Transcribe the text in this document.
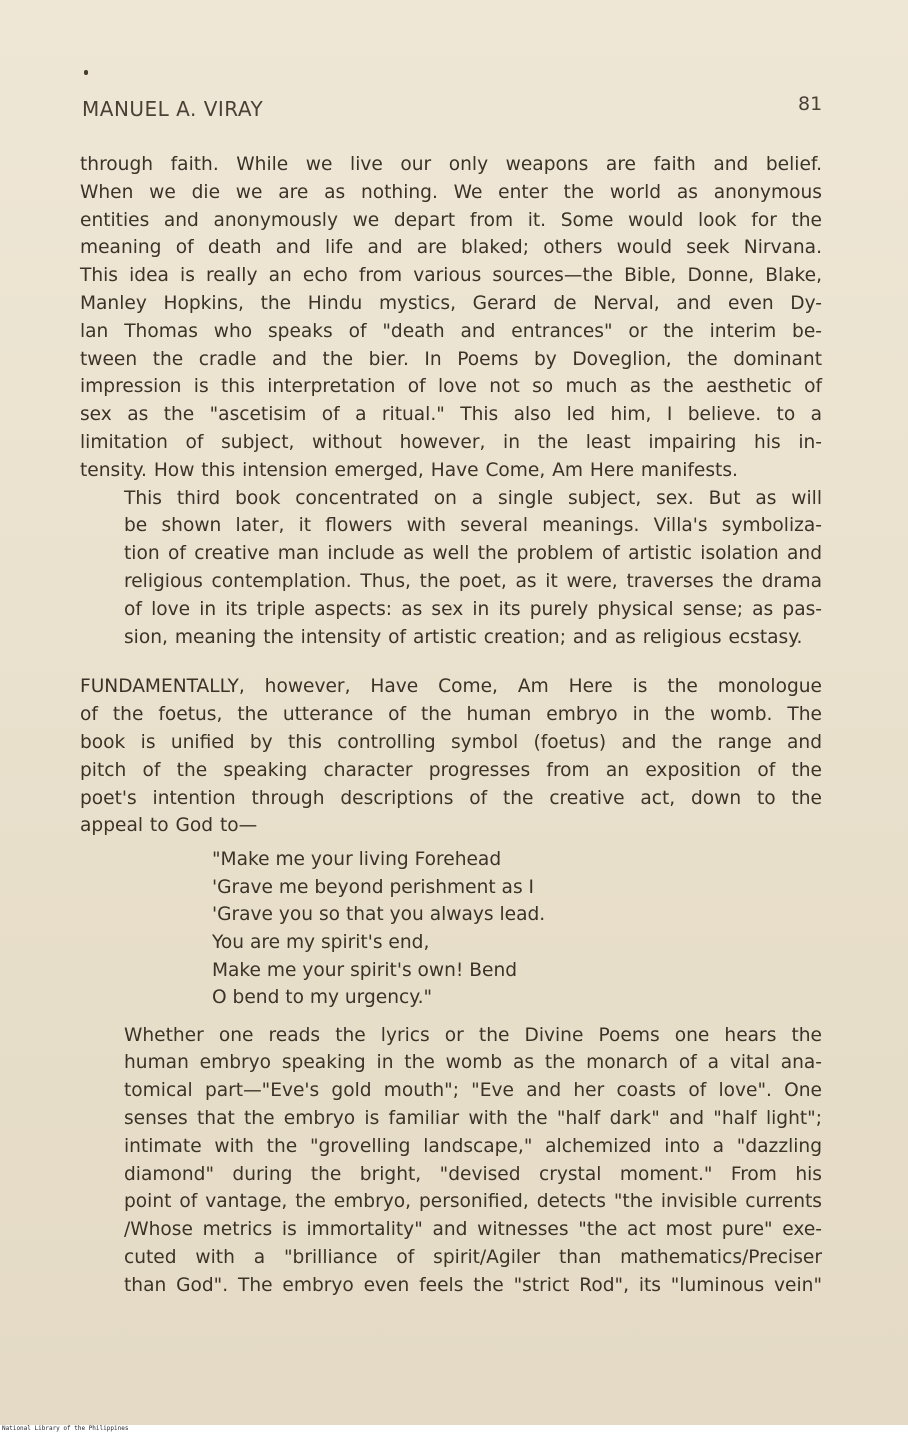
MANUEL A. VIRAY	81
through faith. While we live our only weapons are faith and belief.
When we die we are as nothing. We enter the world as anonymous
entities and anonymously we depart from it. Some would look for the
meaning of death and life and are blaked; others would seek Nirvana.
This idea is really an echo from various sources—the Bible, Donne, Blake,
Manley Hopkins, the Hindu mystics, Gerard de Nerval, and even Dy-
lan Thomas who speaks of "death and entrances" or the interim be-
tween the cradle and the bier. In Poems by Doveglion, the dominant
impression is this interpretation of love not so much as the aesthetic of
sex as the "ascetisim of a ritual." This also led him, I believe. to a
limitation of subject, without however, in the least impairing his in-
tensity. How this intension emerged, Have Come, Am Here manifests.
This third book concentrated on a single subject, sex. But as will
be shown later, it flowers with several meanings. Villa's symboliza-
tion of creative man include as well the problem of artistic isolation and
religious contemplation. Thus, the poet, as it were, traverses the drama
of love in its triple aspects: as sex in its purely physical sense; as pas-
sion, meaning the intensity of artistic creation; and as religious ecstasy.
FUNDAMENTALLY, however, Have Come, Am Here is the monologue
of the foetus, the utterance of the human embryo in the womb. The
book is unified by this controlling symbol (foetus) and the range and
pitch of the speaking character progresses from an exposition of the
poet's intention through descriptions of the creative act, down to the
appeal to God to—
"Make me your living Forehead
'Grave me beyond perishment as I
'Grave you so that you always lead.
You are my spirit's end,
Make me your spirit's own! Bend
O bend to my urgency."
Whether one reads the lyrics or the Divine Poems one hears the
human embryo speaking in the womb as the monarch of a vital ana-
tomical part—"Eve's gold mouth"; "Eve and her coasts of love". One
senses that the embryo is familiar with the "half dark" and "half light";
intimate with the "grovelling landscape," alchemized into a "dazzling
diamond" during the bright, "devised crystal moment." From his
point of vantage, the embryo, personified, detects "the invisible currents
/Whose metrics is immortality" and witnesses "the act most pure" exe-
cuted with a "brilliance of spirit/Agiler than mathematics/Preciser
than God". The embryo even feels the "strict Rod", its "luminous vein"
National Library of the Philippines
